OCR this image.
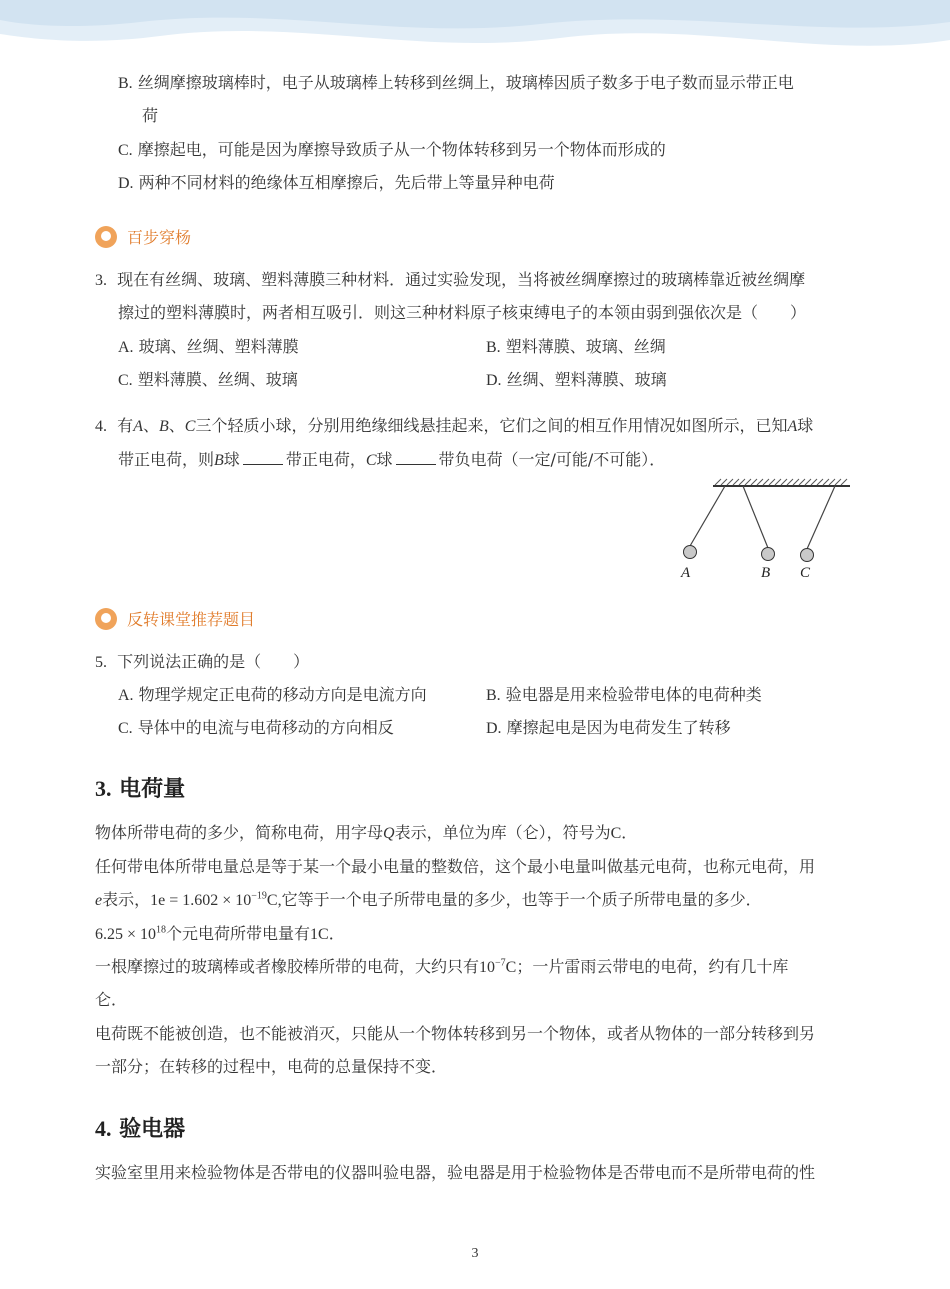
B. 丝绸摩擦玻璃棒时，电子从玻璃棒上转移到丝绸上，玻璃棒因质子数多于电子数而显示带正电
荷
C. 摩擦起电，可能是因为摩擦导致质子从一个物体转移到另一个物体而形成的
D. 两种不同材料的绝缘体互相摩擦后，先后带上等量异种电荷
百步穿杨
3. 现在有丝绸、玻璃、塑料薄膜三种材料．通过实验发现，当将被丝绸摩擦过的玻璃棒靠近被丝绸摩
擦过的塑料薄膜时，两者相互吸引．则这三种材料原子核束缚电子的本领由弱到强依次是（　　）
A. 玻璃、丝绸、塑料薄膜	B. 塑料薄膜、玻璃、丝绸
C. 塑料薄膜、丝绸、玻璃	D. 丝绸、塑料薄膜、玻璃
4. 有A、B、C三个轻质小球，分别用绝缘细线悬挂起来，它们之间的相互作用情况如图所示，已知A球
带正电荷，则B球	带正电荷，C球	带负电荷（一定/可能/不可能）．
A	B C
反转课堂推荐题目
5. 下列说法正确的是（　　）
A. 物理学规定正电荷的移动方向是电流方向	B. 验电器是用来检验带电体的电荷种类
C. 导体中的电流与电荷移动的方向相反	D. 摩擦起电是因为电荷发生了转移
3. 电荷量
物体所带电荷的多少，简称电荷，用字母Q表示，单位为库（仑），符号为C．
任何带电体所带电量总是等于某一个最小电量的整数倍，这个最小电量叫做基元电荷，也称元电荷，用
e表示，$1e = 1.602 \times 10^{-19}C$,它等于一个电子所带电量的多少，也等于一个质子所带电量的多少．
$6.25 \times 10^{18}$个元电荷所带电量有1C．
一根摩擦过的玻璃棒或者橡胶棒所带的电荷，大约只有$10^{-7}C$；一片雷雨云带电的电荷，约有几十库
仑．
电荷既不能被创造，也不能被消灭，只能从一个物体转移到另一个物体，或者从物体的一部分转移到另
一部分；在转移的过程中，电荷的总量保持不变．
4. 验电器
实验室里用来检验物体是否带电的仪器叫验电器，验电器是用于检验物体是否带电而不是所带电荷的性
3
